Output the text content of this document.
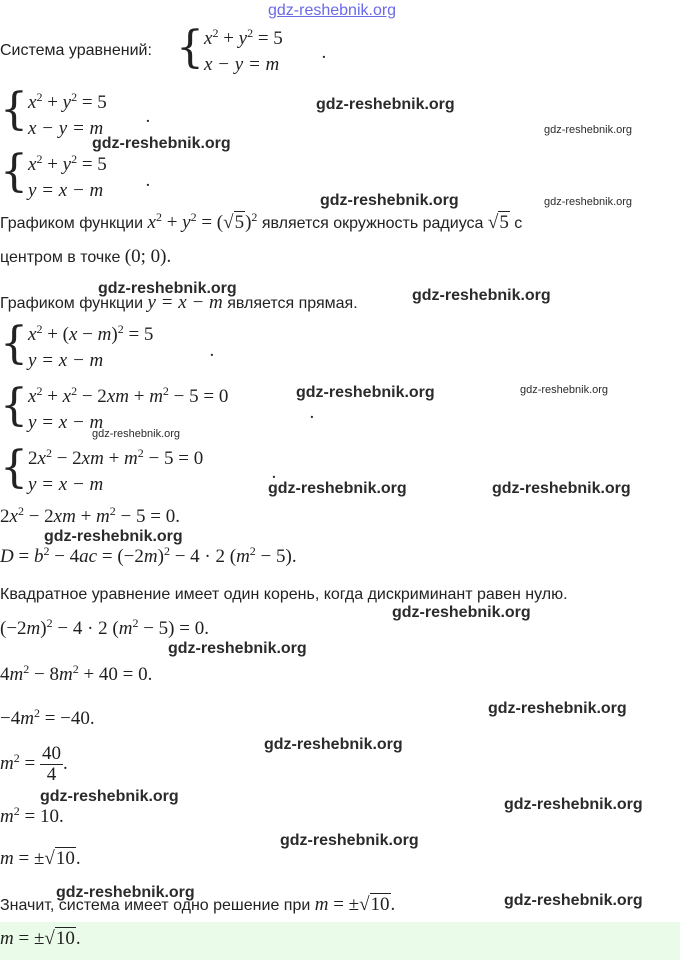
gdz-reshebnik.org
Система уравнений: { $x^2 + y^2 = 5$
x − y = m
.
{ $x^2 + y^2 = 5$
x − y = m
.
gdz-reshebnik.org
gdz-reshebnik.org
gdz-reshebnik.org
{ $x^2 + y^2 = 5$
y = x − m .
gdz-reshebnik.org	gdz-reshebnik.org
Графиком функции $x^2 + y^2 = (√5)^2$ является окружность радиуса √5 с
центром в точке (0; 0).
gdz-reshebnik.org
Графиком функции y = x − m является прямая.	gdz-reshebnik.org
{ $x^2 + (x - m)^2 = 5$
y = x − m	.
{ $x^2 + x^2 - 2xm + m^2 - 5 = 0$
y = x − m	.
gdz-reshebnik.org	gdz-reshebnik.org
gdz-reshebnik.org
{ $2x^2 - 2xm + m^2 - 5 = 0$
y = x − m
.
gdz-reshebnik.org	gdz-reshebnik.org
$2x^2 - 2xm + m^2 - 5 = 0$.
gdz-reshebnik.org
$D = b^2 - 4ac = (-2m)^2 - 4 \cdot 2$ $(m^2 - 5)$.
Квадратное уравнение имеет один корень, когда дискриминант равен нулю.
gdz-reshebnik.org
$(-2m)^2 - 4 \cdot 2$ $(m^2 - 5) = 0$.
gdz-reshebnik.org
$4m^2 - 8m^2 + 40 = 0$.
gdz-reshebnik.org
$-4m^2 = -40$.
gdz-reshebnik.org
$m^2 = \frac{40}{4}$ .
gdz-reshebnik.org	gdz-reshebnik.org
$m^2 = 10$.
gdz-reshebnik.org
m = ±√10.
gdz-reshebnik.org	gdz-reshebnik.org
Значит, система имеет одно решение при m = ±√10.
m = ±√10.
